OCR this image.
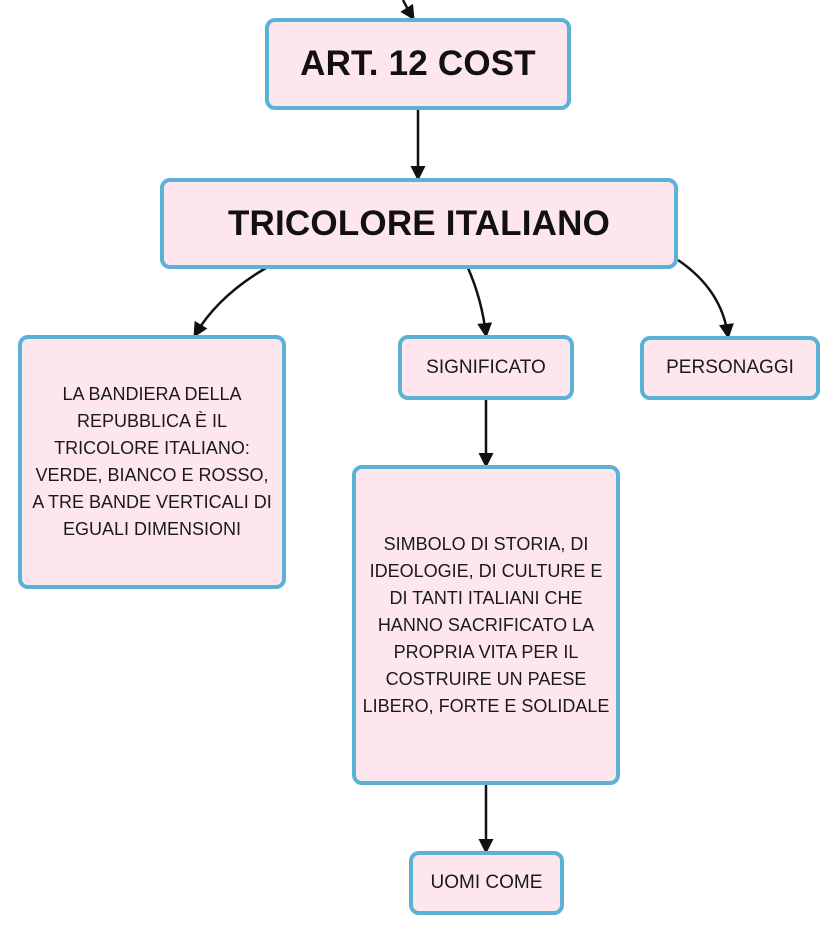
ART. 12 COST
TRICOLORE ITALIANO
LA BANDIERA DELLA REPUBBLICA È IL TRICOLORE ITALIANO: VERDE, BIANCO E ROSSO, A TRE BANDE VERTICALI DI EGUALI DIMENSIONI
SIGNIFICATO	PERSONAGGI
SIMBOLO DI STORIA, DI IDEOLOGIE, DI CULTURE E DI TANTI ITALIANI CHE HANNO SACRIFICATO LA PROPRIA VITA PER IL COSTRUIRE UN PAESE LIBERO, FORTE E SOLIDALE
UOMI COME
